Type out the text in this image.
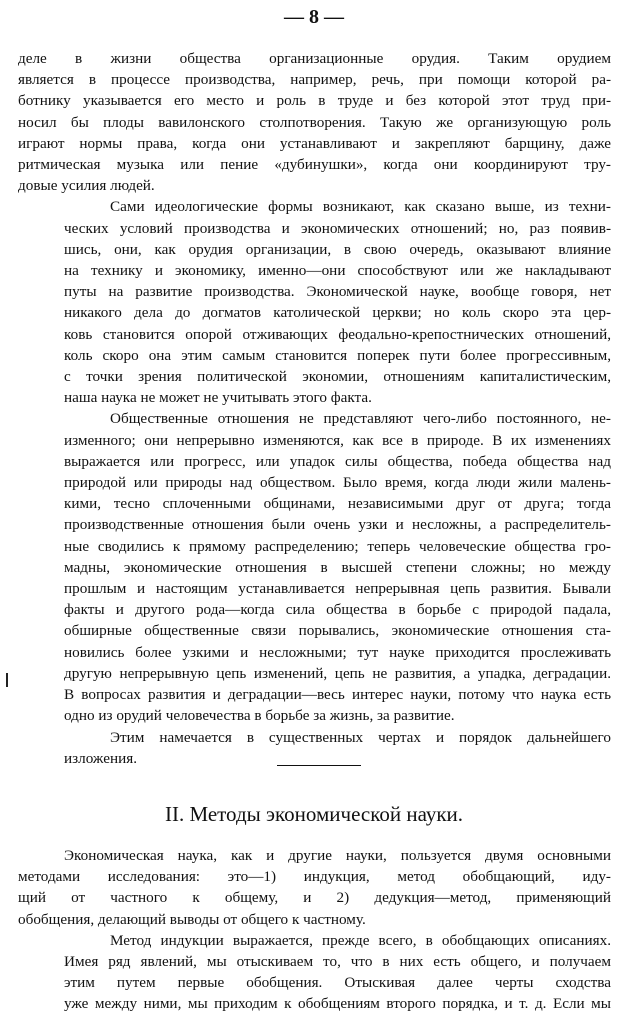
— 8 —

деле в жизни общества организационные орудия. Таким орудием
является в процессе производства, например, речь, при помощи которой ра-
ботнику указывается его место и роль в труде и без которой этот труд при-
носил бы плоды вавилонского столпотворения. Такую же организующую роль
играют нормы права, когда они устанавливают и закрепляют барщину, даже
ритмическая музыка или пение «дубинушки», когда они координируют тру-
довые усилия людей.

Сами идеологические формы возникают, как сказано выше, из техни-
ческих условий производства и экономических отношений; но, раз появив-
шись, они, как орудия организации, в свою очередь, оказывают влияние
на технику и экономику, именно—они способствуют или же накладывают
путы на развитие производства. Экономической науке, вообще говоря, нет
никакого дела до догматов католической церкви; но коль скоро эта цер-
ковь становится опорой отживающих феодально-крепостнических отношений,
коль скоро она этим самым становится поперек пути более прогрессивным,
с точки зрения политической экономии, отношениям капиталистическим,
наша наука не может не учитывать этого факта.

Общественные отношения не представляют чего-либо постоянного, не-
изменного; они непрерывно изменяются, как все в природе. В их изменениях
выражается или прогресс, или упадок силы общества, победа общества над
природой или природы над обществом. Было время, когда люди жили малень-
кими, тесно сплоченными общинами, независимыми друг от друга; тогда
производственные отношения были очень узки и несложны, а распределитель-
ные сводились к прямому распределению; теперь человеческие общества гро-
мадны, экономические отношения в высшей степени сложны; но между
прошлым и настоящим устанавливается непрерывная цепь развития. Бывали
факты и другого рода—когда сила общества в борьбе с природой падала,
обширные общественные связи порывались, экономические отношения ста-
новились более узкими и несложными; тут науке приходится прослеживать
другую непрерывную цепь изменений, цепь не развития, а упадка, деградации.
В вопросах развития и деградации—весь интерес науки, потому что наука есть
одно из орудий человечества в борьбе за жизнь, за развитие.

Этим намечается в существенных чертах и порядок дальнейшего
изложения.

II. Методы экономической науки.

Экономическая наука, как и другие науки, пользуется двумя основными
методами исследования: это—1) индукция, метод обобщающий, иду-
щий от частного к общему, и 2) дедукция—метод, применяющий
обобщения, делающий выводы от общего к частному.

Метод индукции выражается, прежде всего, в обобщающих описаниях.
Имея ряд явлений, мы отыскиваем то, что в них есть общего, и получаем
этим путем первые обобщения. Отыскивая далее черты сходства
уже между ними, мы приходим к обобщениям второго порядка, и т. д. Если мы
